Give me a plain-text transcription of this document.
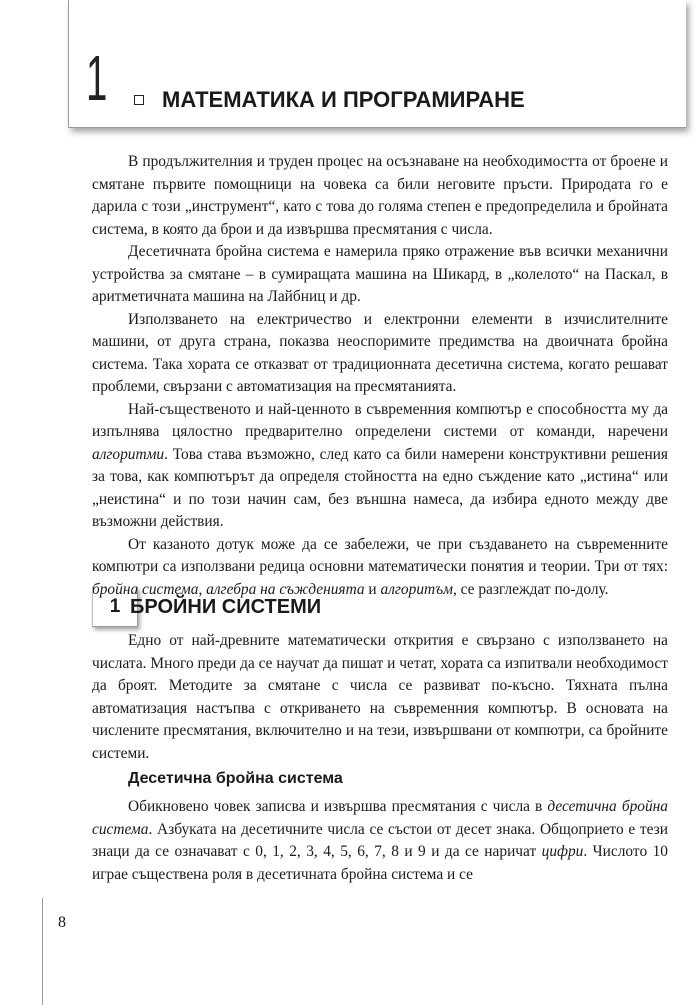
1 МАТЕМАТИКА И ПРОГРАМИРАНЕ

В продължителния и труден процес на осъзнаване на необходимостта от броене и смятане първите помощници на човека са били неговите пръсти. Природата го е дарила с този „инструмент“, като с това до голяма степен е предопределила и бройната система, в която да брои и да извършва пресмятания с числа.

Десетичната бройна система е намерила пряко отражение във всички механични устройства за смятане – в сумиращата машина на Шикард, в „колелото“ на Паскал, в аритметичната машина на Лайбниц и др.

Използването на електричество и електронни елементи в изчислителните машини, от друга страна, показва неоспоримите предимства на двоичната бройна система. Така хората се отказват от традиционната десетична система, когато решават проблеми, свързани с автоматизация на пресмятанията.

Най-същественото и най-ценното в съвременния компютър е способността му да изпълнява цялостно предварително определени системи от команди, наречени алгоритми. Това става възможно, след като са били намерени конструктивни решения за това, как компютърът да определя стойността на едно съждение като „истина“ или „неистина“ и по този начин сам, без външна намеса, да избира едното между две възможни действия.

От казаното дотук може да се забележи, че при създаването на съвременните компютри са използвани редица основни математически понятия и теории. Три от тях: бройна система, алгебра на съжденията и алгоритъм, се разглеждат по-долу.

1 БРОЙНИ СИСТЕМИ

Едно от най-древните математически открития е свързано с използването на числата. Много преди да се научат да пишат и четат, хората са изпитвали необходимост да броят. Методите за смятане с числа се развиват по-късно. Тяхната пълна автоматизация настъпва с откриването на съвременния компютър. В основата на числените пресмятания, включително и на тези, извършвани от компютри, са бройните системи.

Десетична бройна система

Обикновено човек записва и извършва пресмятания с числа в десетична бройна система. Азбуката на десетичните числа се състои от десет знака. Общоприето е тези знаци да се означават с 0, 1, 2, 3, 4, 5, 6, 7, 8 и 9 и да се наричат цифри. Числото 10 играе съществена роля в десетичната бройна система и се

8
